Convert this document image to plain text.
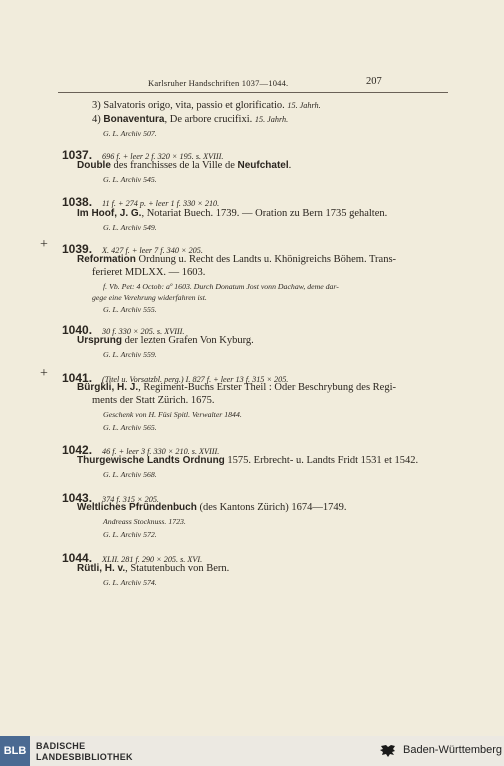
Karlsruher Handschriften 1037—1044.	207
3) Salvatoris origo, vita, passio et glorificatio. 15. Jahrh.
4) Bonaventura, De arbore crucifixi. 15. Jahrh.
G. L. Archiv 507.
1037. 696 f. + leer 2 f. 320 × 195. s. XVIII.
Double des franchisses de la Ville de Neufchatel.
G. L. Archiv 545.
1038. 11 f. + 274 p. + leer 1 f. 330 × 210.
Im Hoof, J. G., Notariat Buech. 1739. — Oration zu Bern 1735 gehalten.
G. L. Archiv 549.
+ 1039. X. 427 f. + leer 7 f. 340 × 205.
Reformation Ordnung u. Recht des Landts u. Khönigreichs Böhem. Trans-
ferieret MDLXX. — 1603.
f. Vb. Pet: 4 Octob: aº 1603. Durch Donatum Jost vonn Dachaw, deme dar-
gege eine Verehrung widerfahren ist.
G. L. Archiv 555.
1040. 30 f. 330 × 205. s. XVIII.
Ursprung der lezten Grafen Von Kyburg.
G. L. Archiv 559.
+ 1041. (Titel u. Vorsatzbl. perg.) I. 827 f. + leer 13 f. 315 × 205.
Bürgkli, H. J., Regiment-Buchs Erster Theil : Oder Beschrybung des Regi-
ments der Statt Zürich. 1675.
Geschenk von H. Füsi Spitl. Verwalter 1844.
G. L. Archiv 565.
1042. 46 f. + leer 3 f. 330 × 210. s. XVIII.
Thurgewische Landts Ordnung 1575. Erbrecht- u. Landts Fridt 1531 et 1542.
G. L. Archiv 568.
1043. 374 f. 315 × 205.
Weltliches Pfründenbuch (des Kantons Zürich) 1674—1749.
Andreass Stocknuss. 1723.
G. L. Archiv 572.
1044. XLII. 281 f. 290 × 205. s. XVI.
Rütli, H. v., Statutenbuch von Bern.
G. L. Archiv 574.
BLB	BADISCHE
LANDESBIBLIOTHEK
Baden-Württemberg
